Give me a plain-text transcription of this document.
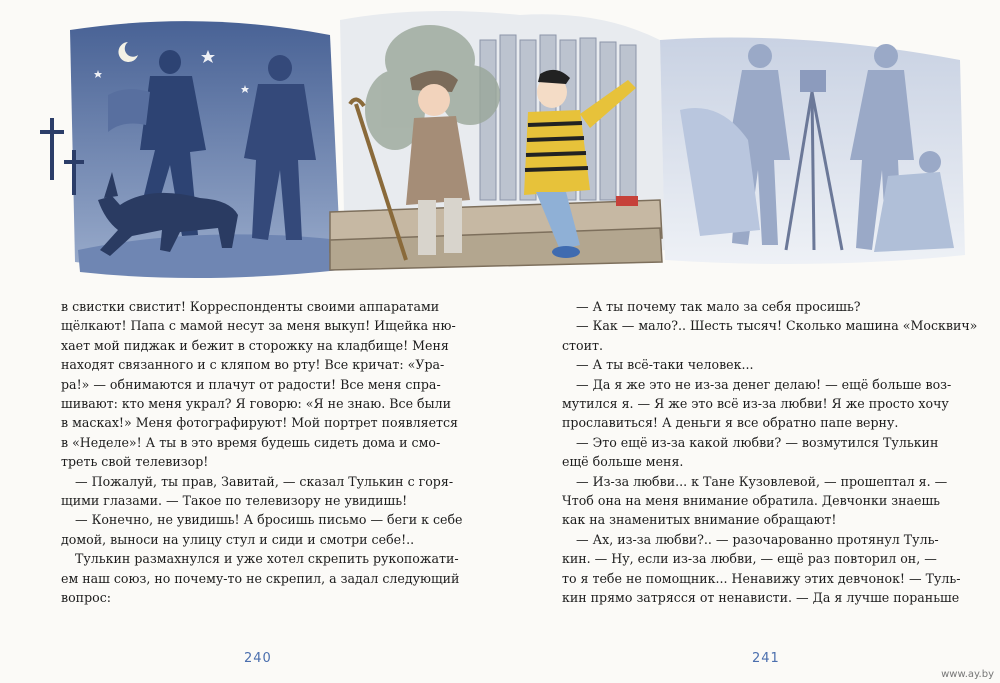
в свистки свистит! Корреспонденты своими аппаратами

щёлкают! Папа с мамой несут за меня выкуп! Ищейка ню-

хает мой пиджак и бежит в сторожку на кладбище! Меня

находят связанного и с кляпом во рту! Все кричат: «Ура-

ра!» — обнимаются и плачут от радости! Все меня спра-

шивают: кто меня украл? Я говорю: «Я не знаю. Все были

в масках!» Меня фотографируют! Мой портрет появляется

в «Неделе»! А ты в это время будешь сидеть дома и смо-

треть свой телевизор!

— Пожалуй, ты прав, Завитай, — сказал Тулькин с горя-

щими глазами. — Такое по телевизору не увидишь!

— Конечно, не увидишь! А бросишь письмо — беги к себе

домой, выноси на улицу стул и сиди и смотри себе!..

Тулькин размахнулся и уже хотел скрепить рукопожати-

ем наш союз, но почему-то не скрепил, а задал следующий

вопрос:

— А ты почему так мало за себя просишь?

— Как — мало?.. Шесть тысяч! Сколько машина «Москвич»

стоит.

— А ты всё-таки человек...

— Да я же это не из-за денег делаю! — ещё больше воз-

мутился я. — Я же это всё из-за любви! Я же просто хочу

прославиться! А деньги я все обратно папе верну.

— Это ещё из-за какой любви? — возмутился Тулькин

ещё больше меня.

— Из-за любви... к Тане Кузовлевой, — прошептал я. —

Чтоб она на меня внимание обратила. Девчонки знаешь

как на знаменитых внимание обращают!

— Ах, из-за любви?.. — разочарованно протянул Туль-

кин. — Ну, если из-за любви, — ещё раз повторил он, —

то я тебе не помощник... Ненавижу этих девчонок! — Туль-

кин прямо затрясся от ненависти. — Да я лучше пораньше

240	241
www.ay.by
